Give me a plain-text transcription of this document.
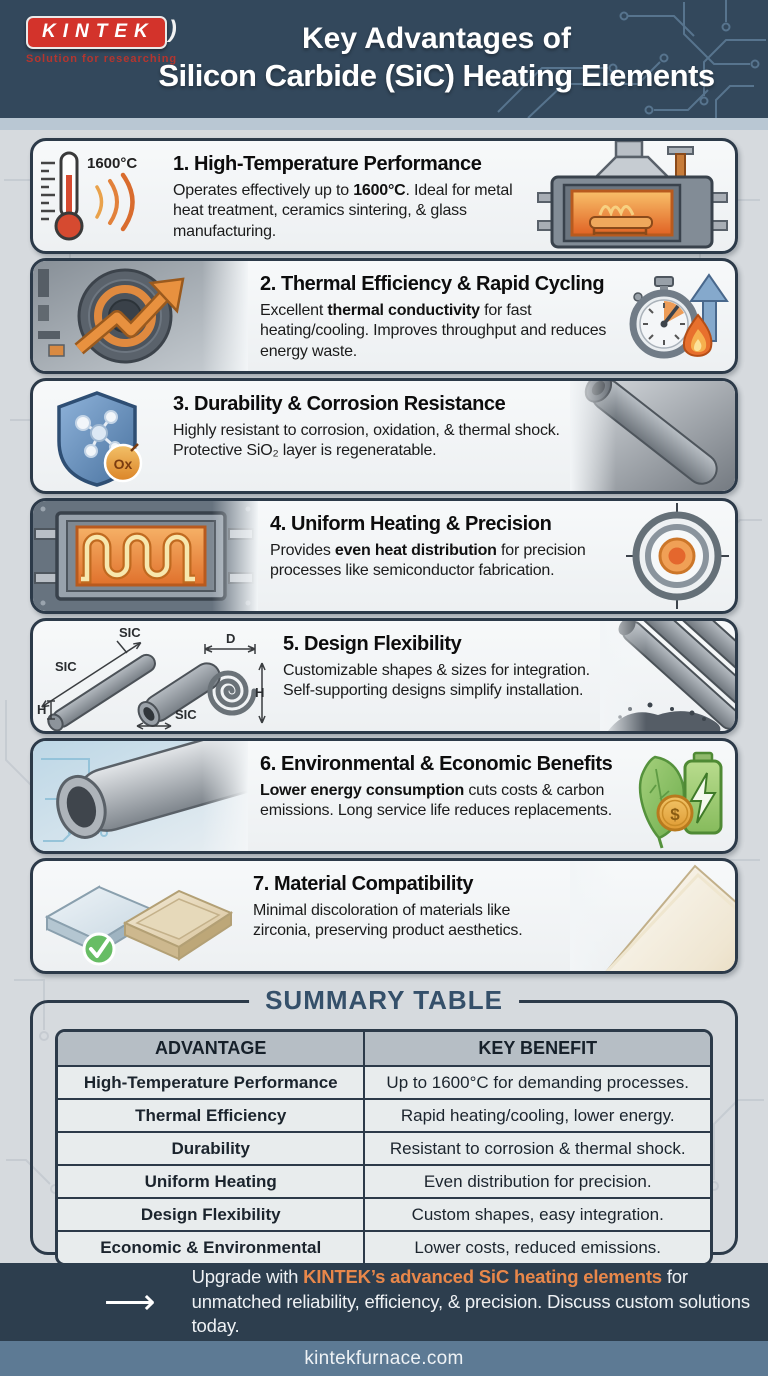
KINTEK )
Solution for researching
Key Advantages of
Silicon Carbide (SiC) Heating Elements
1600°C 1. High-Temperature Performance
Operates effectively up to 1600°C. Ideal for metal heat treatment, ceramics sintering, & glass manufacturing.
2. Thermal Efficiency & Rapid Cycling
Excellent thermal conductivity for fast heating/cooling. Improves throughput and reduces energy waste.
Ox
3. Durability & Corrosion Resistance
Highly resistant to corrosion, oxidation, & thermal shock. Protective SiO₂ layer is regeneratable.
4. Uniform Heating & Precision
Provides even heat distribution for precision processes like semiconductor fabrication.
SIC
SIC
H	SIC
D
H
5. Design Flexibility
Customizable shapes & sizes for integration. Self-supporting designs simplify installation.
6. Environmental & Economic Benefits
Lower energy consumption cuts costs & carbon emissions. Long service life reduces replacements.	$
7. Material Compatibility
Minimal discoloration of materials like zirconia, preserving product aesthetics.
SUMMARY TABLE
ADVANTAGE	KEY BENEFIT
High-Temperature Performance	Up to 1600°C for demanding processes.
Thermal Efficiency	Rapid heating/cooling, lower energy.
Durability	Resistant to corrosion & thermal shock.
Uniform Heating	Even distribution for precision.
Design Flexibility	Custom shapes, easy integration.
Economic & Environmental	Lower costs, reduced emissions.
⟶
Upgrade with KINTEK’s advanced SiC heating elements for unmatched reliability, efficiency, & precision. Discuss custom solutions today.
kintekfurnace.com
